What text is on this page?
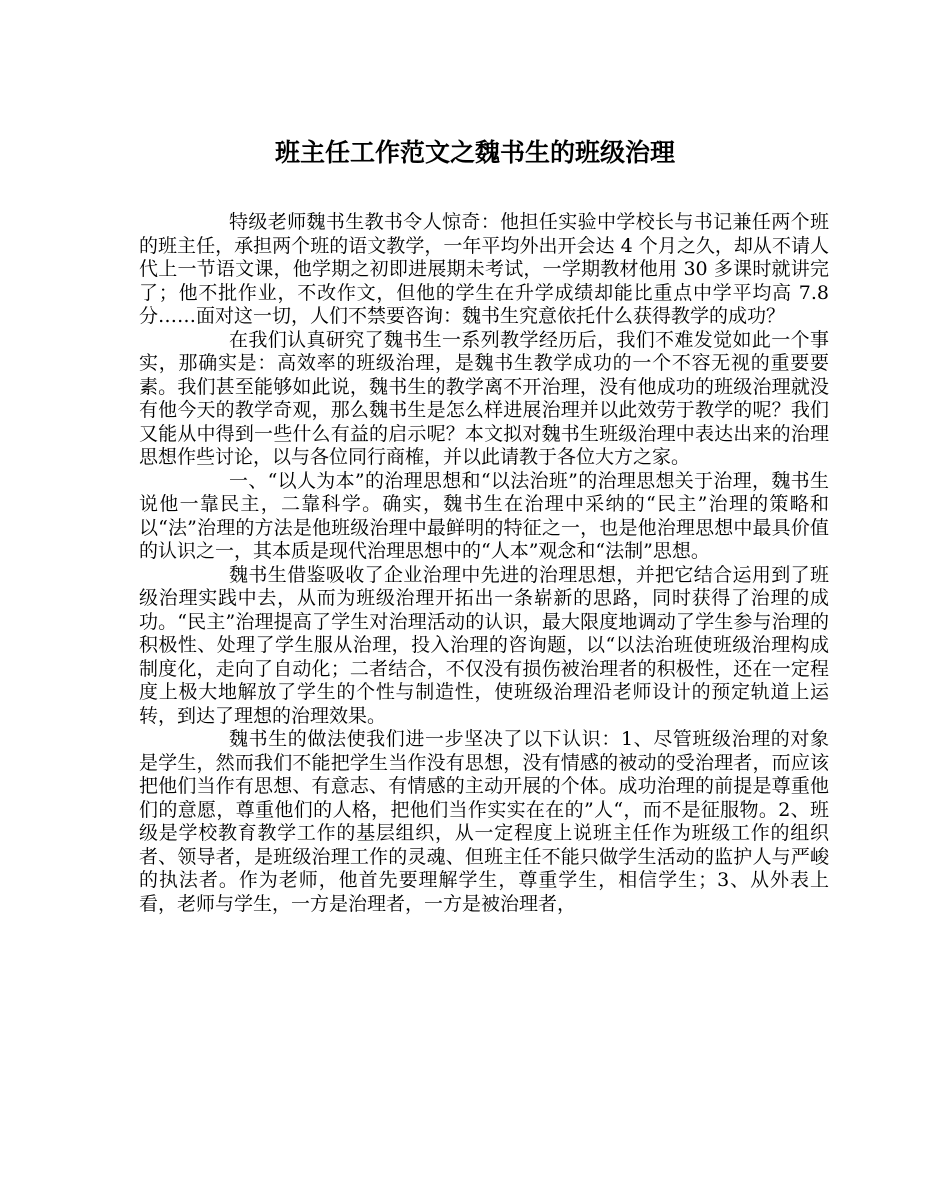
班主任工作范文之魏书生的班级治理

特级老师魏书生教书令人惊奇：他担任实验中学校长与书记兼任两个班的班主任，承担两个班的语文教学，一年平均外出开会达 4 个月之久，却从不请人代上一节语文课，他学期之初即进展期未考试，一学期教材他用 30 多课时就讲完了；他不批作业，不改作文，但他的学生在升学成绩却能比重点中学平均高 7.8 分……面对这一切，人们不禁要咨询：魏书生究意依托什么获得教学的成功？

在我们认真研究了魏书生一系列教学经历后，我们不难发觉如此一个事实，那确实是：高效率的班级治理，是魏书生教学成功的一个不容无视的重要要素。我们甚至能够如此说，魏书生的教学离不开治理，没有他成功的班级治理就没有他今天的教学奇观，那么魏书生是怎么样进展治理并以此效劳于教学的呢？我们又能从中得到一些什么有益的启示呢？本文拟对魏书生班级治理中表达出来的治理思想作些讨论，以与各位同行商榷，并以此请教于各位大方之家。

一、“以人为本”的治理思想和“以法治班”的治理思想关于治理，魏书生说他一靠民主，二靠科学。确实，魏书生在治理中采纳的“民主”治理的策略和以“法”治理的方法是他班级治理中最鲜明的特征之一，也是他治理思想中最具价值的认识之一，其本质是现代治理思想中的“人本”观念和“法制”思想。

魏书生借鉴吸收了企业治理中先进的治理思想，并把它结合运用到了班级治理实践中去，从而为班级治理开拓出一条崭新的思路，同时获得了治理的成功。“民主”治理提高了学生对治理活动的认识，最大限度地调动了学生参与治理的积极性、处理了学生服从治理，投入治理的咨询题，以“以法治班使班级治理构成制度化，走向了自动化；二者结合，不仅没有损伤被治理者的积极性，还在一定程度上极大地解放了学生的个性与制造性，使班级治理沿老师设计的预定轨道上运转，到达了理想的治理效果。

魏书生的做法使我们进一步坚决了以下认识：1、尽管班级治理的对象是学生，然而我们不能把学生当作没有思想，没有情感的被动的受治理者，而应该把他们当作有思想、有意志、有情感的主动开展的个体。成功治理的前提是尊重他们的意愿，尊重他们的人格，把他们当作实实在在的”人“，而不是征服物。2、班级是学校教育教学工作的基层组织，从一定程度上说班主任作为班级工作的组织者、领导者，是班级治理工作的灵魂、但班主任不能只做学生活动的监护人与严峻的执法者。作为老师，他首先要理解学生，尊重学生，相信学生；3、从外表上看，老师与学生，一方是治理者，一方是被治理者，
